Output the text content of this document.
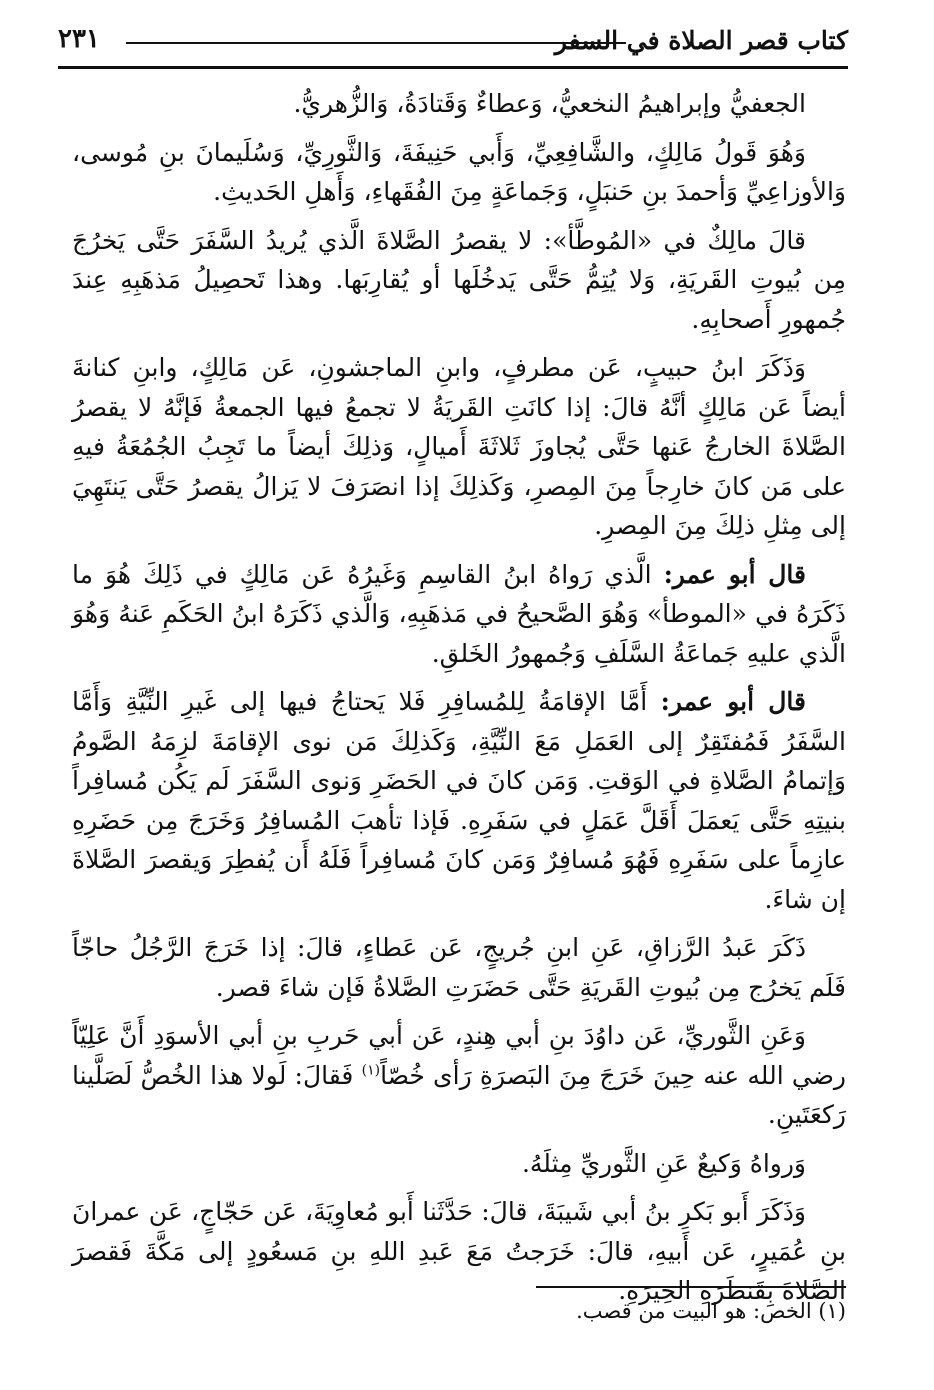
كتاب قصر الصلاة في السفر
٢٣١

الجعفيُّ وإبراهيمُ النخعيُّ، وَعطاءٌ وَقَتادَةُ، وَالزُّهريُّ.

وَهُوَ قَولُ مَالِكٍ، والشَّافِعِيِّ، وَأَبي حَنِيفَةَ، وَالثَّورِيِّ، وَسُلَيمانَ بنِ مُوسى، وَالأوزاعِيِّ وَأحمدَ بنِ حَنبَلٍ، وَجَماعَةٍ مِنَ الفُقَهاءِ، وَأَهلِ الحَديثِ.

قالَ مالِكٌ في «المُوطَّأ»: لا يقصرُ الصَّلاةَ الَّذي يُريدُ السَّفَرَ حَتَّى يَخرُجَ مِن بُيوتِ القَريَةِ، وَلا يُتِمُّ حَتَّى يَدخُلَها أو يُقارِبَها. وهذا تَحصِيلُ مَذهَبِهِ عِندَ جُمهورِ أَصحابِهِ.

وَذَكَرَ ابنُ حبيبٍ، عَن مطرفٍ، وابنِ الماجشونِ، عَن مَالِكٍ، وابنِ كنانةَ أيضاً عَن مَالِكٍ أنَّهُ قالَ: إذا كانَتِ القَريَةُ لا تجمعُ فيها الجمعةُ فَإنَّهُ لا يقصرُ الصَّلاةَ الخارجُ عَنها حَتَّى يُجاوزَ ثَلاثَةَ أَميالٍ، وَذلِكَ أيضاً ما تَجِبُ الجُمُعَةُ فيهِ على مَن كانَ خارِجاً مِنَ المِصرِ، وَكَذلِكَ إذا انصَرَفَ لا يَزالُ يقصرُ حَتَّى يَنتَهِيَ إلى مِثلِ ذلِكَ مِنَ المِصرِ.

قال أبو عمر: الَّذي رَواهُ ابنُ القاسِمِ وَغَيرُهُ عَن مَالِكٍ في ذَلِكَ هُوَ ما ذَكَرَهُ في «الموطأ» وَهُوَ الصَّحيحُ في مَذهَبِهِ، وَالَّذي ذَكَرَهُ ابنُ الحَكَمِ عَنهُ وَهُوَ الَّذي عليهِ جَماعَةُ السَّلَفِ وَجُمهورُ الخَلقِ.

قال أبو عمر: أَمَّا الإقامَةُ لِلمُسافِرِ فَلا يَحتاجُ فيها إلى غَيرِ النِّيَّةِ وَأَمَّا السَّفَرُ فَمُفتَقِرٌ إلى العَمَلِ مَعَ النِّيَّةِ، وَكَذلِكَ مَن نوى الإقامَةَ لزِمَهُ الصَّومُ وَإتمامُ الصَّلاةِ في الوَقتِ. وَمَن كانَ في الحَضَرِ وَنوى السَّفَرَ لَم يَكُن مُسافِراً بنيتِهِ حَتَّى يَعمَلَ أَقَلَّ عَمَلٍ في سَفَرِهِ. فَإذا تأهبَ المُسافِرُ وَخَرَجَ مِن حَضَرِهِ عازِماً على سَفَرِهِ فَهُوَ مُسافِرٌ وَمَن كانَ مُسافِراً فَلَهُ أَن يُفطِرَ وَيقصرَ الصَّلاةَ إن شاءَ.

ذَكَرَ عَبدُ الرَّزاقِ، عَنِ ابنِ جُريجٍ، عَن عَطاءٍ، قالَ: إذا خَرَجَ الرَّجُلُ حاجّاً فَلَم يَخرُج مِن بُيوتِ القَريَةِ حَتَّى حَضَرَتِ الصَّلاةُ فَإن شاءَ قصر.

وَعَنِ الثَّوريِّ، عَن داوُدَ بنِ أبي هِندٍ، عَن أبي حَربِ بنِ أبي الأسوَدِ أَنَّ عَلِيّاً رضي الله عنه حِينَ خَرَجَ مِنَ البَصرَةِ رَأى خُصّاً$^{(١)}$ فَقالَ: لَولا هذا الخُصُّ لَصَلَّينا رَكعَتَينِ.

وَرواهُ وَكيعٌ عَنِ الثَّوريِّ مِثلَهُ.

وَذَكَرَ أَبو بَكرِ بنُ أبي شَيبَةَ، قالَ: حَدَّثَنا أَبو مُعاوِيَةَ، عَن حَجّاجٍ، عَن عمرانَ بنِ عُمَيرٍ، عَن أَبيهِ، قالَ: خَرَجتُ مَعَ عَبدِ اللهِ بنِ مَسعُودٍ إلى مَكَّةَ فَقصرَ الصَّلاةَ بِقَنطَرَةِ الحِيرَةِ.

(١) الخص: هو البيت من قصب.
